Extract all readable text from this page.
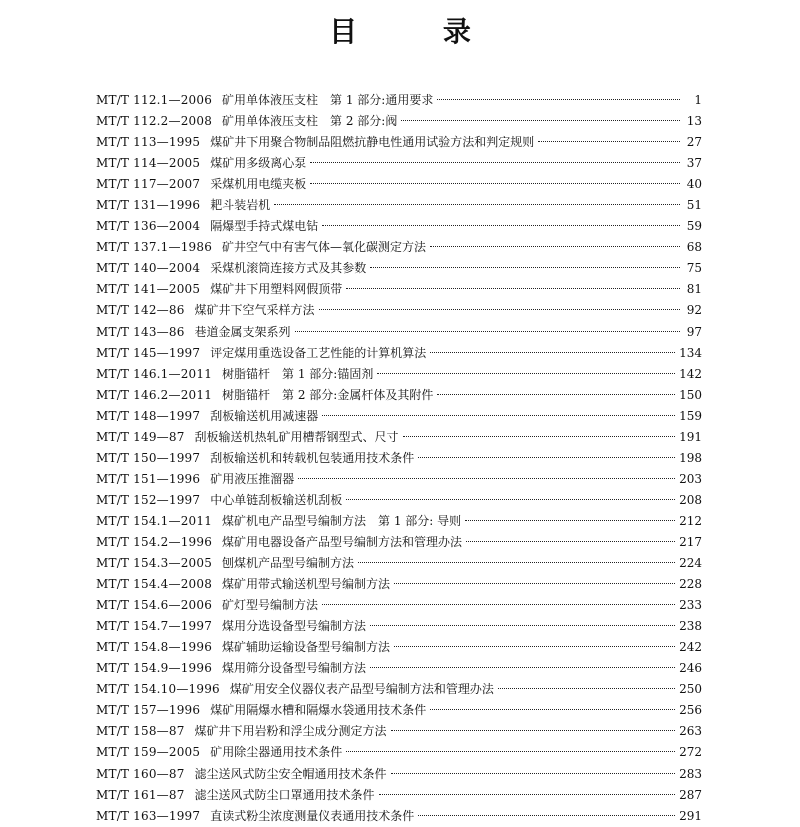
目 录
MT/T 112.1—2006 矿用单体液压支柱　第 1 部分:通用要求	1
MT/T 112.2—2008 矿用单体液压支柱　第 2 部分:阀	13
MT/T 113—1995 煤矿井下用聚合物制品阻燃抗静电性通用试验方法和判定规则	27
MT/T 114—2005 煤矿用多级离心泵	37
MT/T 117—2007 采煤机用电缆夹板	40
MT/T 131—1996 耙斗装岩机	51
MT/T 136—2004 隔爆型手持式煤电钻	59
MT/T 137.1—1986 矿井空气中有害气体—氧化碳测定方法	68
MT/T 140—2004 采煤机滚筒连接方式及其参数	75
MT/T 141—2005 煤矿井下用塑料网假顶带	81
MT/T 142—86 煤矿井下空气采样方法	92
MT/T 143—86 巷道金属支架系列	97
MT/T 145—1997 评定煤用重选设备工艺性能的计算机算法	134
MT/T 146.1—2011 树脂锚杆　第 1 部分:锚固剂	142
MT/T 146.2—2011 树脂锚杆　第 2 部分:金属杆体及其附件	150
MT/T 148—1997 刮板输送机用减速器	159
MT/T 149—87 刮板输送机热轧矿用槽帮钢型式、尺寸	191
MT/T 150—1997 刮板输送机和转载机包装通用技术条件	198
MT/T 151—1996 矿用液压推溜器	203
MT/T 152—1997 中心单链刮板输送机刮板	208
MT/T 154.1—2011 煤矿机电产品型号编制方法　第 1 部分: 导则	212
MT/T 154.2—1996 煤矿用电器设备产品型号编制方法和管理办法	217
MT/T 154.3—2005 刨煤机产品型号编制方法	224
MT/T 154.4—2008 煤矿用带式输送机型号编制方法	228
MT/T 154.6—2006 矿灯型号编制方法	233
MT/T 154.7—1997 煤用分选设备型号编制方法	238
MT/T 154.8—1996 煤矿辅助运输设备型号编制方法	242
MT/T 154.9—1996 煤用筛分设备型号编制方法	246
MT/T 154.10—1996 煤矿用安全仪器仪表产品型号编制方法和管理办法	250
MT/T 157—1996 煤矿用隔爆水槽和隔爆水袋通用技术条件	256
MT/T 158—87 煤矿井下用岩粉和浮尘成分测定方法	263
MT/T 159—2005 矿用除尘器通用技术条件	272
MT/T 160—87 滤尘送风式防尘安全帽通用技术条件	283
MT/T 161—87 滤尘送风式防尘口罩通用技术条件	287
MT/T 163—1997 直读式粉尘浓度测量仪表通用技术条件	291
